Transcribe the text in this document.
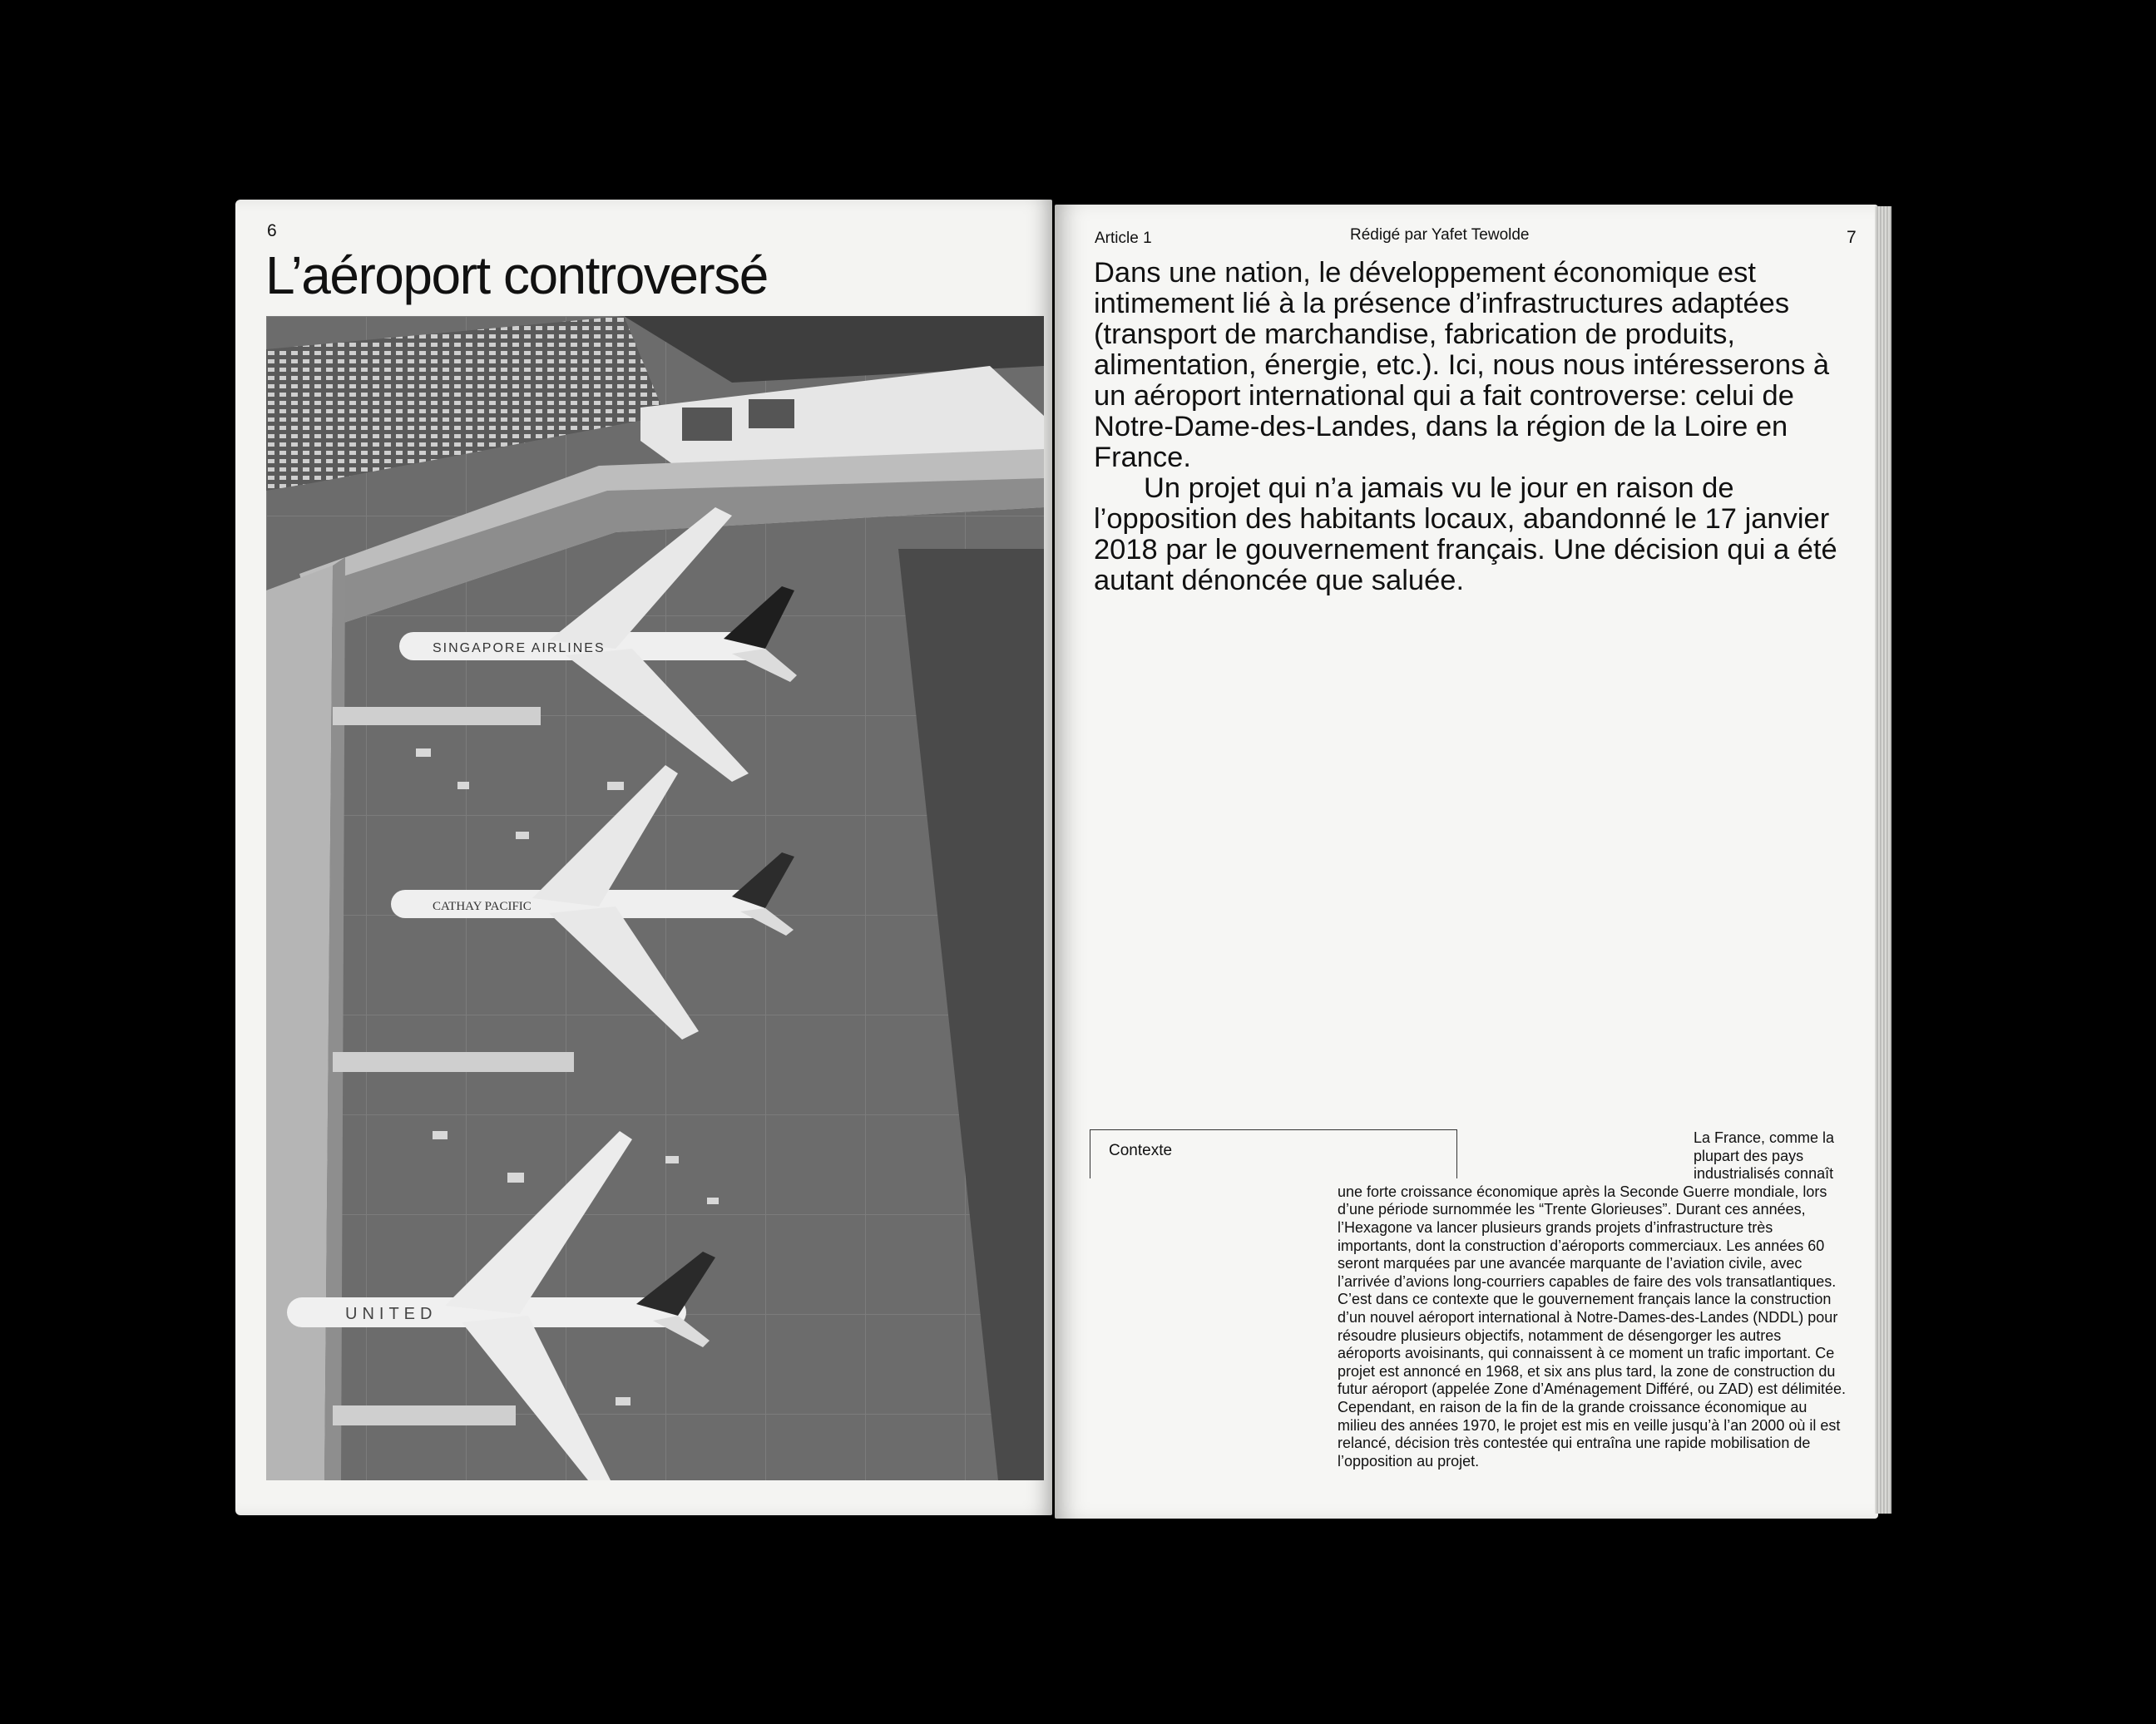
6
L’aéroport controversé
SINGAPORE AIRLINES
CATHAY PACIFIC
UNITED
Article 1	Rédigé par Yafet Tewolde	7

Dans une nation, le développement économique est intimement lié à la présence d’infrastructures adaptées (transport de marchandise, fabrication de produits, alimentation, énergie, etc.). Ici, nous nous intéresserons à un aéroport international qui a fait controverse: celui de Notre-Dame-des-Landes, dans la région de la Loire en France.

Un projet qui n’a jamais vu le jour en raison de l’opposition des habitants locaux, abandonné le 17 janvier 2018 par le gouvernement français. Une décision qui a été autant dénoncée que saluée.

Contexte
La France, comme la plupart des pays industrialisés connaît une forte croissance économique après la Seconde Guerre mondiale, lors d’une période surnommée les “Trente Glorieuses”. Durant ces années, l’Hexagone va lancer plusieurs grands projets d’infrastructure très importants, dont la construction d’aéroports commerciaux. Les années 60 seront marquées par une avancée marquante de l’aviation civile, avec l’arrivée d’avions long-courriers capables de faire des vols transatlantiques. C’est dans ce contexte que le gouvernement français lance la construction d’un nouvel aéroport international à Notre-Dames-des-Landes (NDDL) pour résoudre plusieurs objectifs, notamment de désengorger les autres aéroports avoisinants, qui connaissent à ce moment un trafic important. Ce projet est annoncé en 1968, et six ans plus tard, la zone de construction du futur aéroport (appelée Zone d’Aménagement Différé, ou ZAD) est délimitée. Cependant, en raison de la fin de la grande croissance économique au milieu des années 1970, le projet est mis en veille jusqu’à l’an 2000 où il est relancé, décision très contestée qui entraîna une rapide mobilisation de l’opposition au projet.
